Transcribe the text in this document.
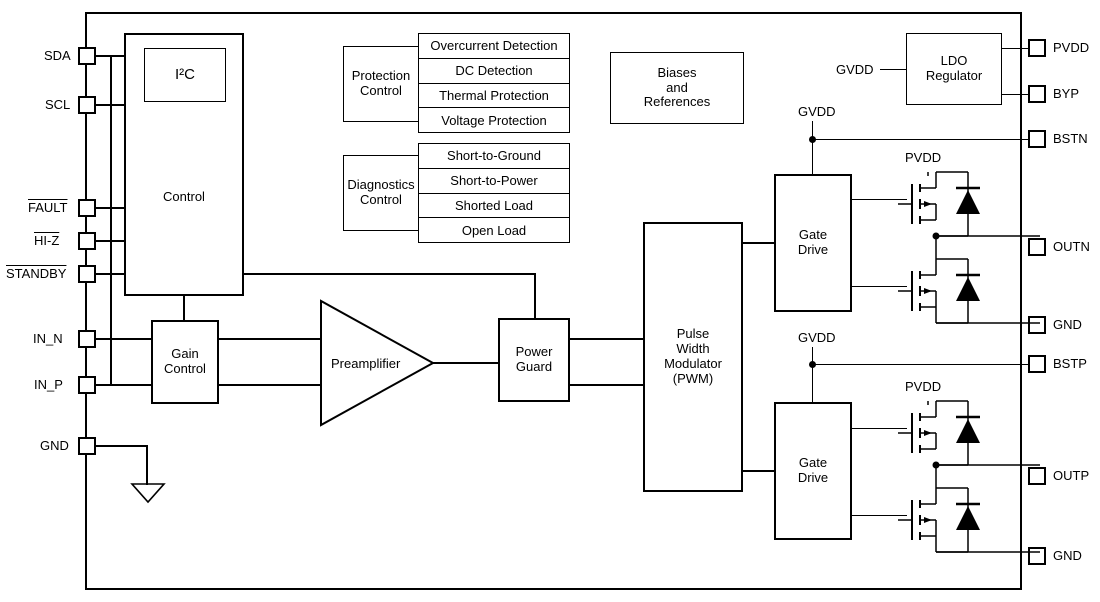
SDA
SCL
FAULT
HI-Z
STANDBY
IN_N
IN_P
GND
PVDD
BYP
BSTN
OUTN
GND
BSTP
OUTP
GND
Control
I²C
Gain
Control	Preamplifier
Power
Guard
Pulse
Width
Modulator
(PWM)
Protection
Control
Overcurrent Detection
DC Detection
Thermal Protection
Voltage Protection
Diagnostics
Control
Short-to-Ground
Short-to-Power
Shorted Load
Open Load
Biases
and
References
LDO
Regulator
GVDD
GVDD
Gate
Drive
PVDD
GVDD
Gate
Drive
PVDD
